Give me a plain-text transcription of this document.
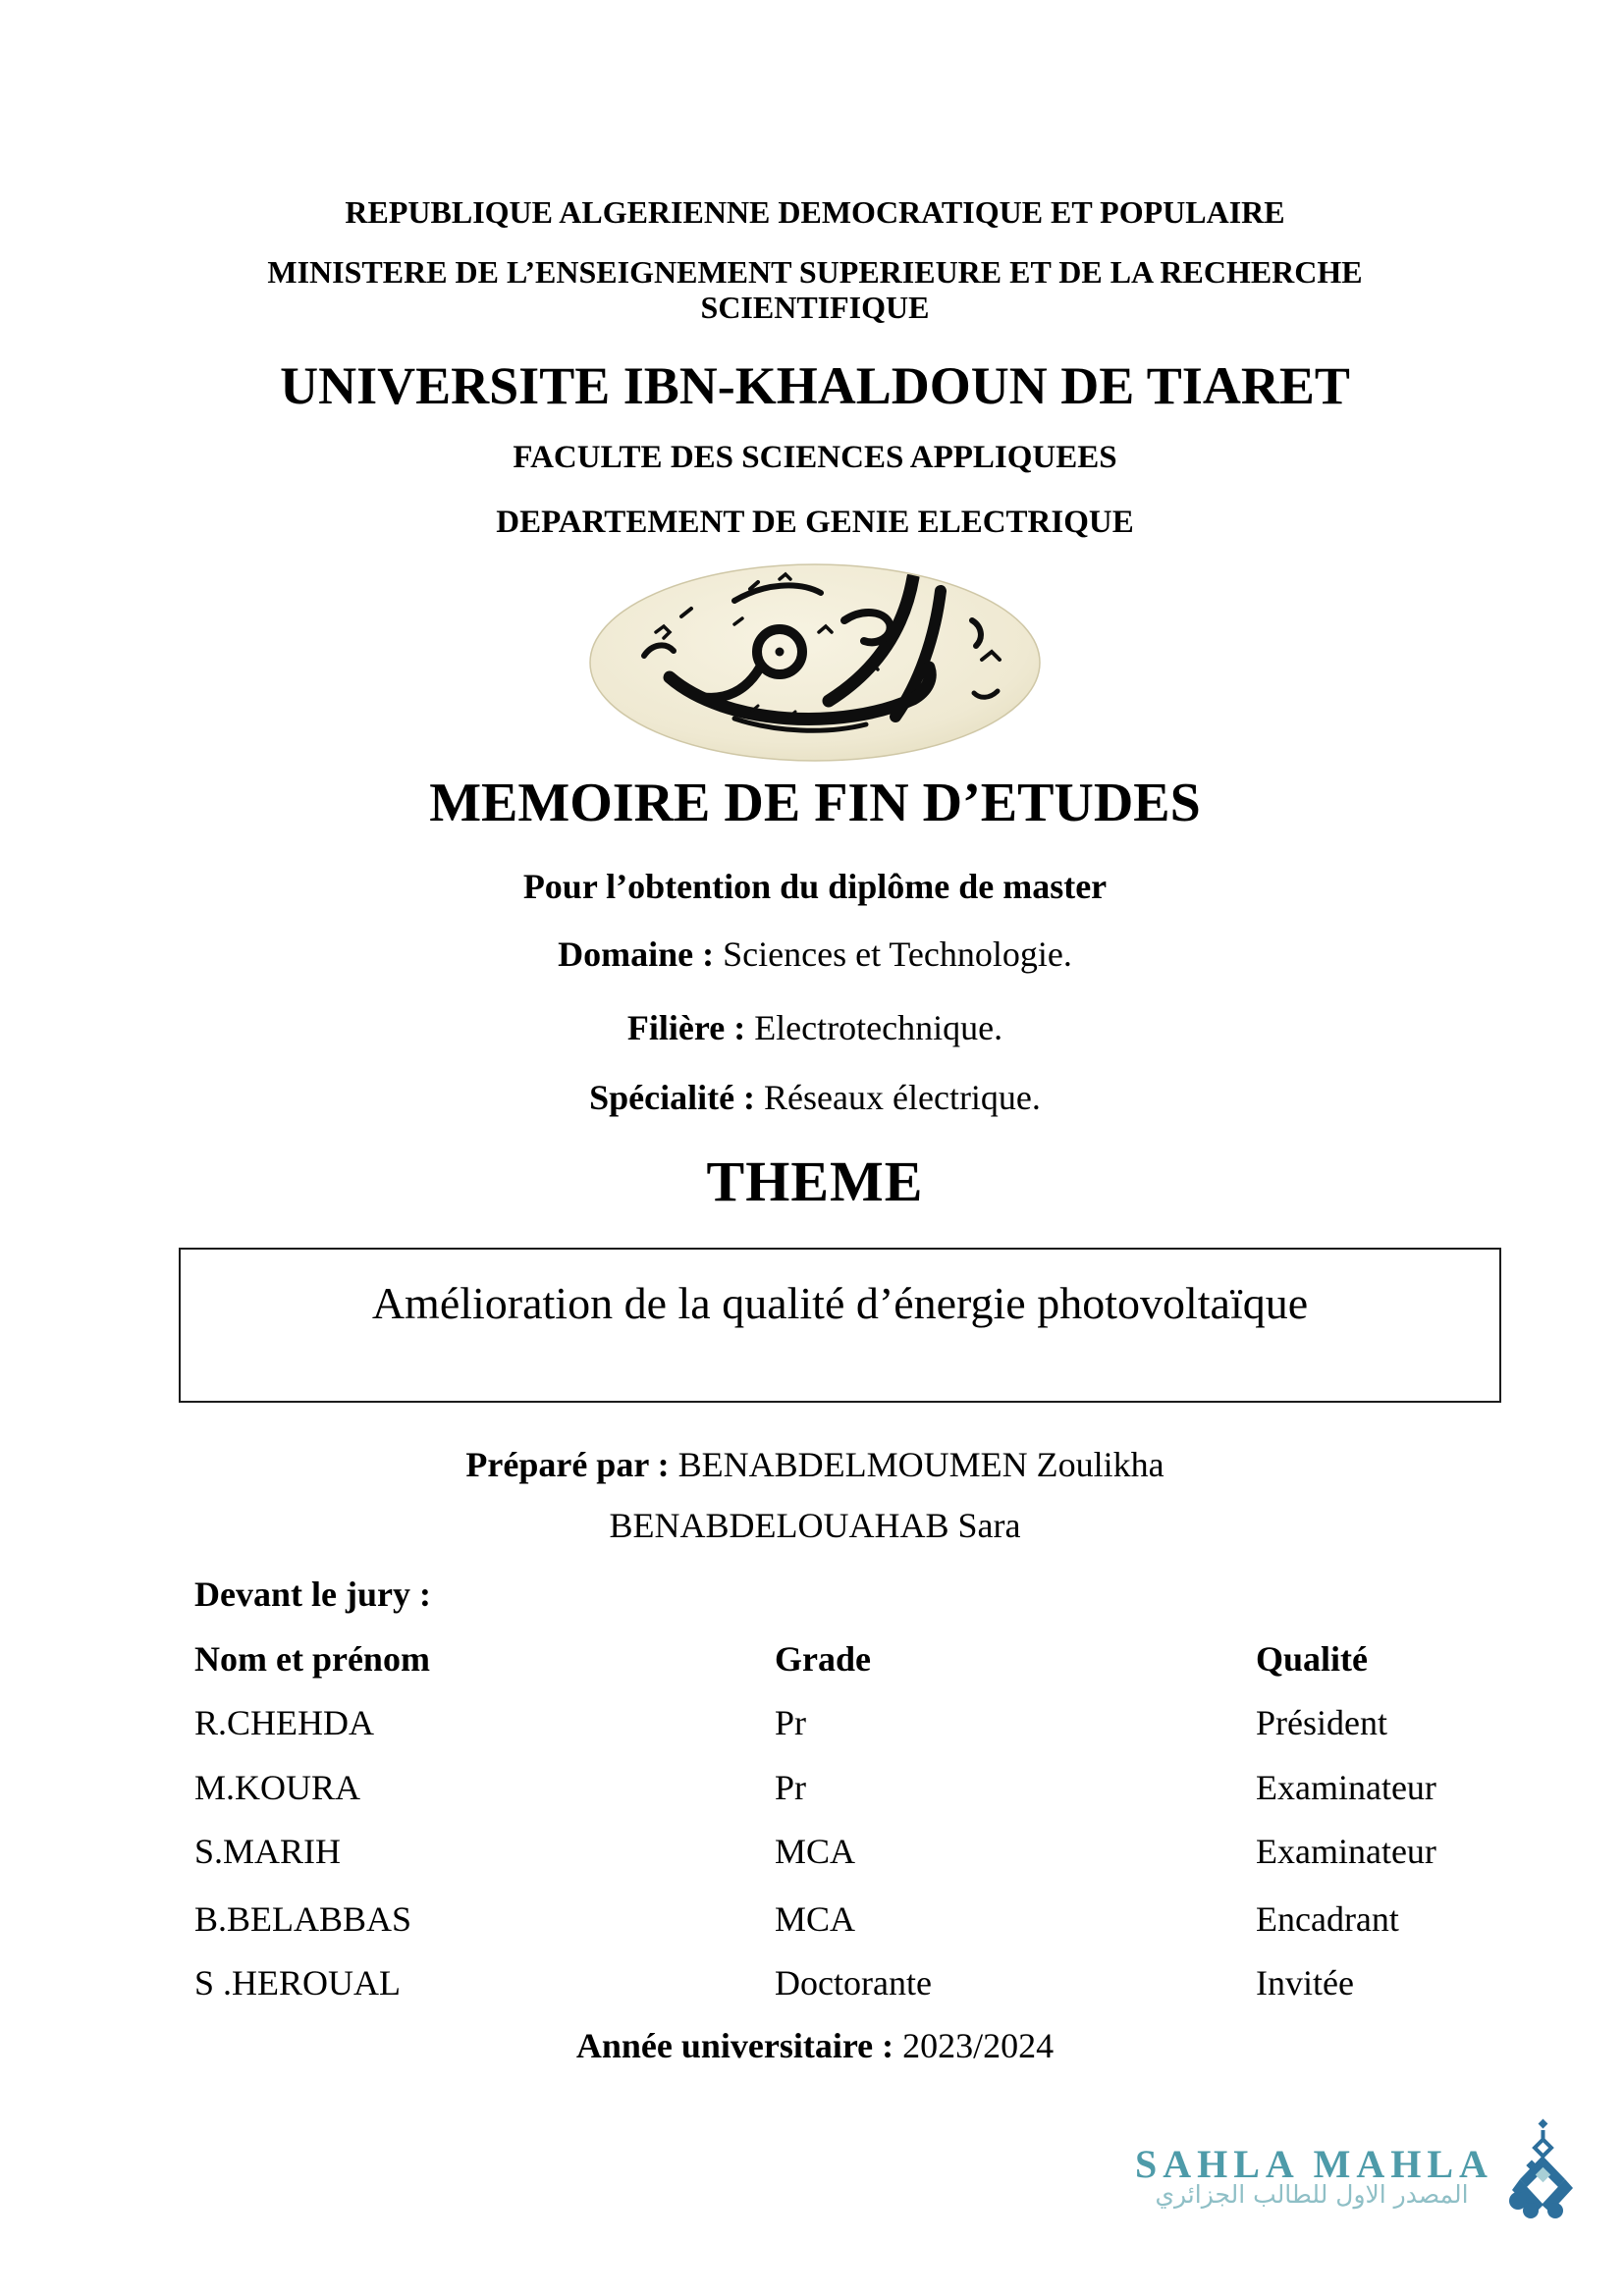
REPUBLIQUE ALGERIENNE DEMOCRATIQUE ET POPULAIRE
MINISTERE DE L’ENSEIGNEMENT SUPERIEURE ET DE LA RECHERCHE
SCIENTIFIQUE
UNIVERSITE IBN-KHALDOUN DE TIARET
FACULTE DES SCIENCES APPLIQUEES
DEPARTEMENT DE GENIE ELECTRIQUE
MEMOIRE DE FIN D’ETUDES
Pour l’obtention du diplôme de master
Domaine : Sciences et Technologie.
Filière : Electrotechnique.
Spécialité : Réseaux électrique.
THEME
Amélioration de la qualité d’énergie photovoltaïque
Préparé par : BENABDELMOUMEN Zoulikha
BENABDELOUAHAB Sara
Devant le jury :
Nom et prénom	Grade	Qualité
R.CHEHDA	Pr	Président
M.KOURA	Pr	Examinateur
S.MARIH	MCA	Examinateur
B.BELABBAS	MCA	Encadrant
S .HEROUAL	Doctorante	Invitée
Année universitaire : 2023/2024
SAHLA MAHLA
المصدر الاول للطالب الجزائري
